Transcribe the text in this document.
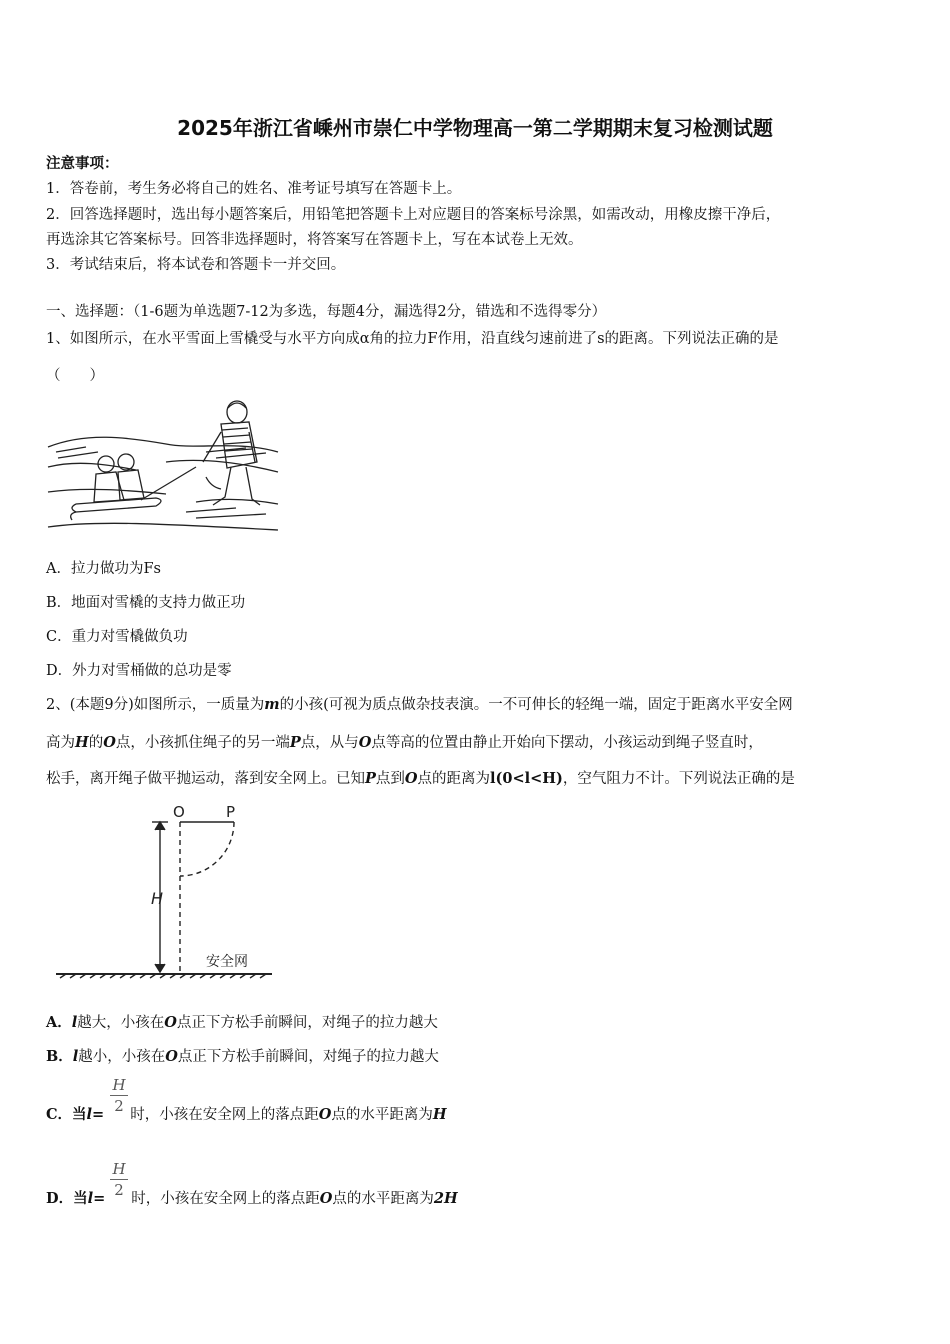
2025年浙江省嵊州市崇仁中学物理高一第二学期期末复习检测试题
注意事项：
1．答卷前，考生务必将自己的姓名、准考证号填写在答题卡上。
2．回答选择题时，选出每小题答案后，用铅笔把答题卡上对应题目的答案标号涂黑，如需改动，用橡皮擦干净后，
再选涂其它答案标号。回答非选择题时，将答案写在答题卡上，写在本试卷上无效。
3．考试结束后，将本试卷和答题卡一并交回。
一、选择题：（1-6题为单选题7-12为多选，每题4分，漏选得2分，错选和不选得零分）
1、如图所示，在水平雪面上雪橇受与水平方向成α角的拉力F作用，沿直线匀速前进了s的距离。下列说法正确的是
（　　）
A．拉力做功为Fs
B．地面对雪橇的支持力做正功
C．重力对雪橇做负功
D．外力对雪桶做的总功是零
2、(本题9分)如图所示，一质量为m的小孩(可视为质点做杂技表演。一不可伸长的轻绳一端，固定于距离水平安全网
高为H的O点，小孩抓住绳子的另一端P点，从与O点等高的位置由静止开始向下摆动，小孩运动到绳子竖直时，
松手，离开绳子做平抛运动，落到安全网上。已知P点到O点的距离为l(0<l<H)，空气阻力不计。下列说法正确的是
O	P
H
安全网
A．l越大，小孩在O点正下方松手前瞬间，对绳子的拉力越大
B．l越小，小孩在O点正下方松手前瞬间，对绳子的拉力越大
H
2
C．当l= 时，小孩在安全网上的落点距O点的水平距离为H
H
2
D．当l= 时，小孩在安全网上的落点距O点的水平距离为2H
